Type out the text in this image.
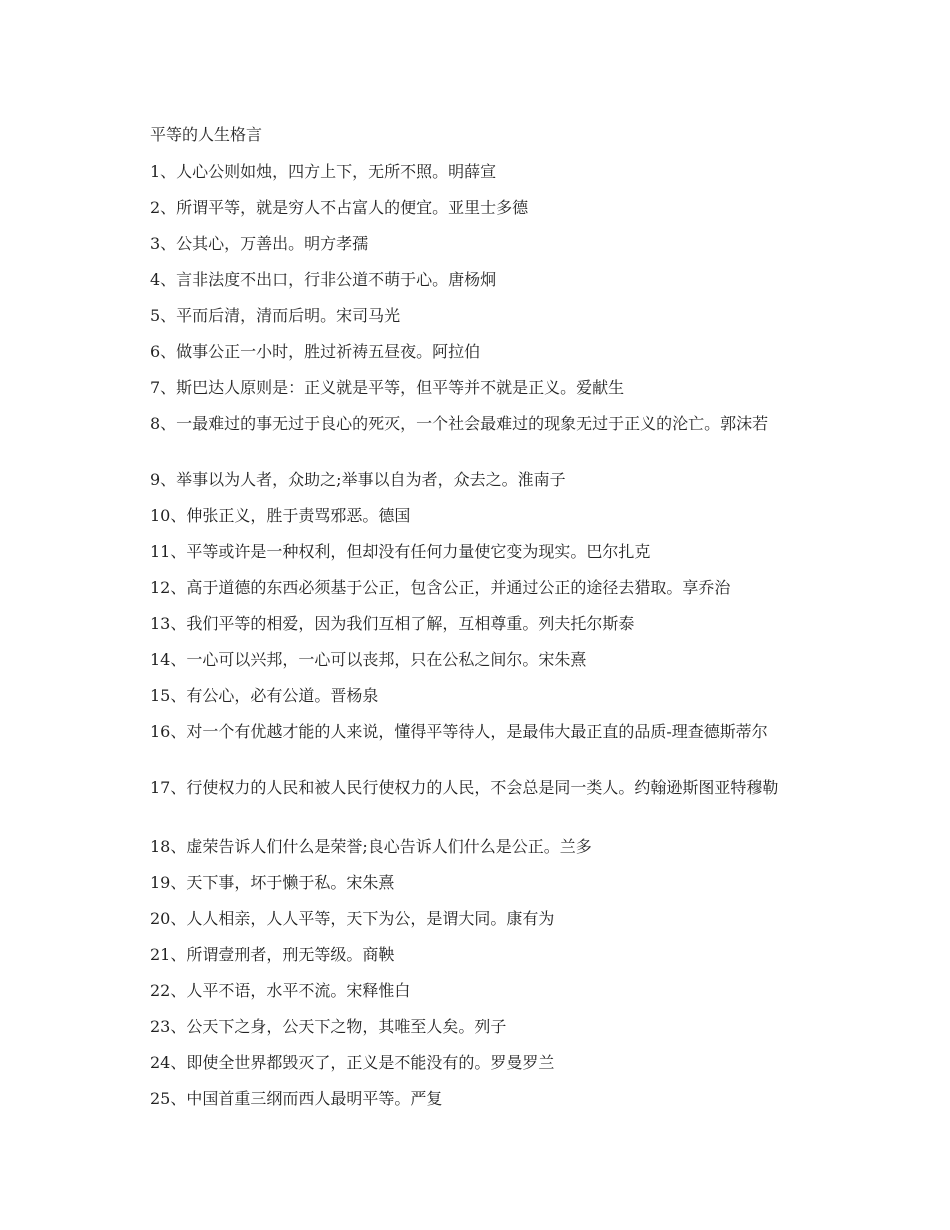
平等的人生格言
1、人心公则如烛，四方上下，无所不照。明薛宣
2、所谓平等，就是穷人不占富人的便宜。亚里士多德
3、公其心，万善出。明方孝孺
4、言非法度不出口，行非公道不萌于心。唐杨炯
5、平而后清，清而后明。宋司马光
6、做事公正一小时，胜过祈祷五昼夜。阿拉伯
7、斯巴达人原则是：正义就是平等，但平等并不就是正义。爱献生
8、一最难过的事无过于良心的死灭，一个社会最难过的现象无过于正义的沦亡。郭沫若
9、举事以为人者，众助之;举事以自为者，众去之。淮南子
10、伸张正义，胜于责骂邪恶。德国
11、平等或许是一种权利，但却没有任何力量使它变为现实。巴尔扎克
12、高于道德的东西必须基于公正，包含公正，并通过公正的途径去猎取。享乔治
13、我们平等的相爱，因为我们互相了解，互相尊重。列夫托尔斯泰
14、一心可以兴邦，一心可以丧邦，只在公私之间尔。宋朱熹
15、有公心，必有公道。晋杨泉
16、对一个有优越才能的人来说，懂得平等待人，是最伟大最正直的品质-理查德斯蒂尔
17、行使权力的人民和被人民行使权力的人民，不会总是同一类人。约翰逊斯图亚特穆勒
18、虚荣告诉人们什么是荣誉;良心告诉人们什么是公正。兰多
19、天下事，坏于懒于私。宋朱熹
20、人人相亲，人人平等，天下为公，是谓大同。康有为
21、所谓壹刑者，刑无等级。商鞅
22、人平不语，水平不流。宋释惟白
23、公天下之身，公天下之物，其唯至人矣。列子
24、即使全世界都毁灭了，正义是不能没有的。罗曼罗兰
25、中国首重三纲而西人最明平等。严复
